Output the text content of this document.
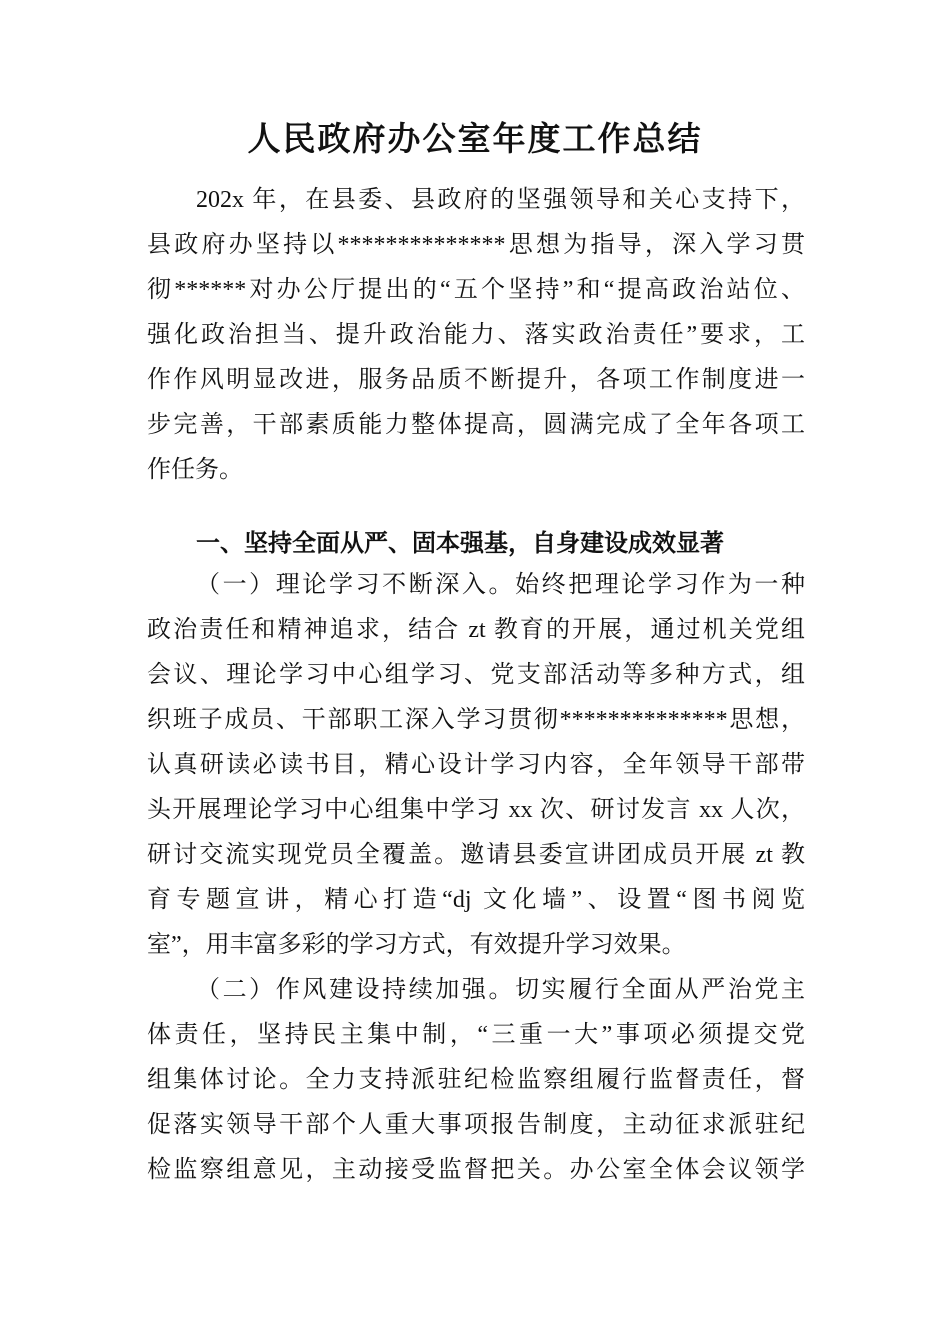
人民政府办公室年度工作总结
202x 年，在县委、县政府的坚强领导和关心支持下，
县政府办坚持以**************思想为指导，深入学习贯
彻******对办公厅提出的“五个坚持”和“提高政治站位、
强化政治担当、提升政治能力、落实政治责任”要求，工
作作风明显改进，服务品质不断提升，各项工作制度进一
步完善，干部素质能力整体提高，圆满完成了全年各项工
作任务。
一、坚持全面从严、固本强基，自身建设成效显著
（一）理论学习不断深入。始终把理论学习作为一种
政治责任和精神追求，结合 zt 教育的开展，通过机关党组
会议、理论学习中心组学习、党支部活动等多种方式，组
织班子成员、干部职工深入学习贯彻**************思想，
认真研读必读书目，精心设计学习内容，全年领导干部带
头开展理论学习中心组集中学习 xx 次、研讨发言 xx 人次，
研讨交流实现党员全覆盖。邀请县委宣讲团成员开展 zt 教
育专题宣讲，精心打造“dj 文化墙”、设置“图书阅览
室”，用丰富多彩的学习方式，有效提升学习效果。
（二）作风建设持续加强。切实履行全面从严治党主
体责任，坚持民主集中制，“三重一大”事项必须提交党
组集体讨论。全力支持派驻纪检监察组履行监督责任，督
促落实领导干部个人重大事项报告制度，主动征求派驻纪
检监察组意见，主动接受监督把关。办公室全体会议领学
